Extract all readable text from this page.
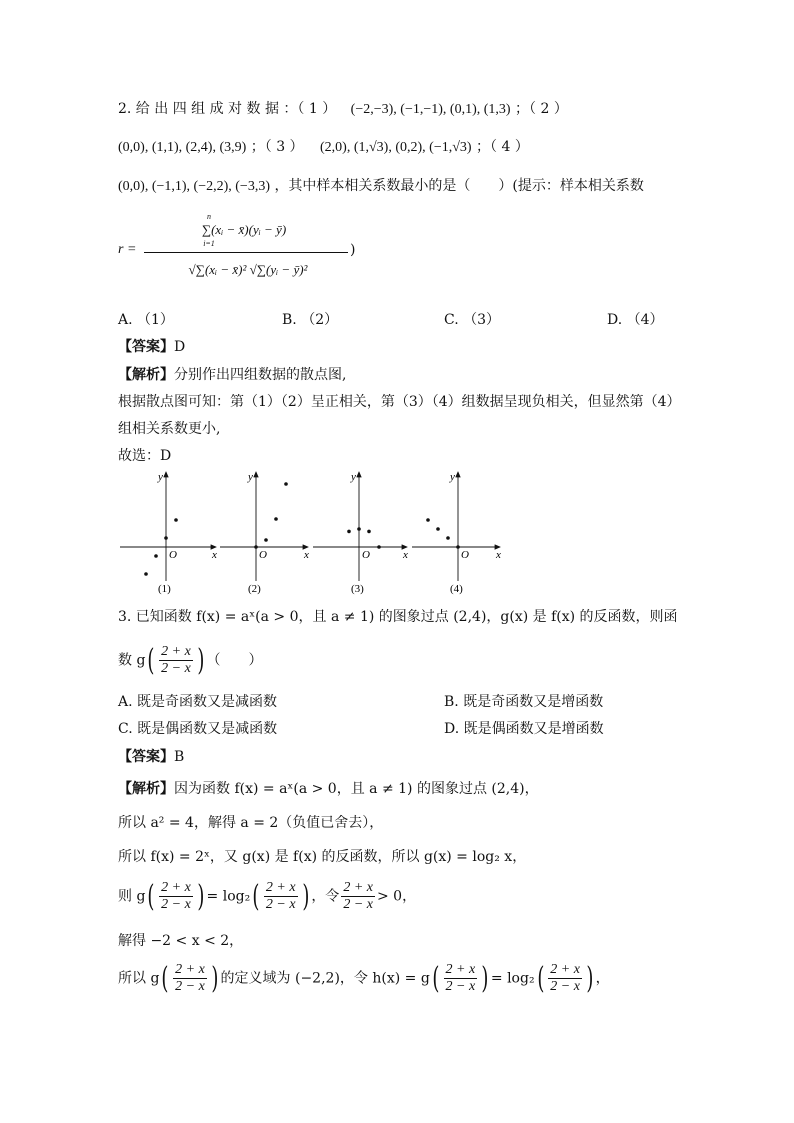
2. 给 出 四 组 成 对 数 据 ：（ 1 ） (−2,−3), (−1,−1), (0,1), (1,3) ；（ 2 ）
(0,0), (1,1), (2,4), (3,9) ；（ 3 ） (2,0), (1,√3), (0,2), (−1,√3) ；（ 4 ）
(0,0), (−1,1), (−2,2), (−3,3) ，其中样本相关系数最小的是（　　）(提示：样本相关系数
r =
n
∑(xᵢ − x̄)(yᵢ − ȳ)
i=1
√∑(xᵢ − x̄)² √∑(yᵢ − ȳ)²
)
A. （1）	B. （2）	C. （3）	D. （4）
【答案】D
【解析】分别作出四组数据的散点图,
根据散点图可知：第（1）（2）呈正相关，第（3）（4）组数据呈现负相关，但显然第（4）
组相关系数更小,
故选：D
y
x
O
(1)
y
x
O
(2)
y
x
O
(3)
y
x
O
(4)
3. 已知函数 f(x) = aˣ(a > 0，且 a ≠ 1) 的图象过点 (2,4)，g(x) 是 f(x) 的反函数，则函
数 $g( \frac{2 + x}{2 - x}$ ) （　　）
A. 既是奇函数又是减函数	B. 既是奇函数又是增函数
C. 既是偶函数又是减函数	D. 既是偶函数又是增函数
【答案】B
【解析】因为函数 f(x) = aˣ(a > 0，且 a ≠ 1) 的图象过点 (2,4)，
所以 a² = 4，解得 a = 2（负值已舍去），
所以 f(x) = 2ˣ，又 g(x) 是 f(x) 的反函数，所以 g(x) = log₂ x，
则 $g( \frac{2 + x}{2 - x}$ ) = $\log_2( \frac{2 + x}{2 - x}$ ) ，令 $\frac{2 + x}{2 - x} > 0$，
解得 −2 < x < 2，
所以 $g( \frac{2 + x}{2 - x}$ ) 的定义域为 (−2,2)，令 $h(x) = g( \frac{2 + x}{2 - x}$ ) = $\log_2( \frac{2 + x}{2 - x}$ ) ，
